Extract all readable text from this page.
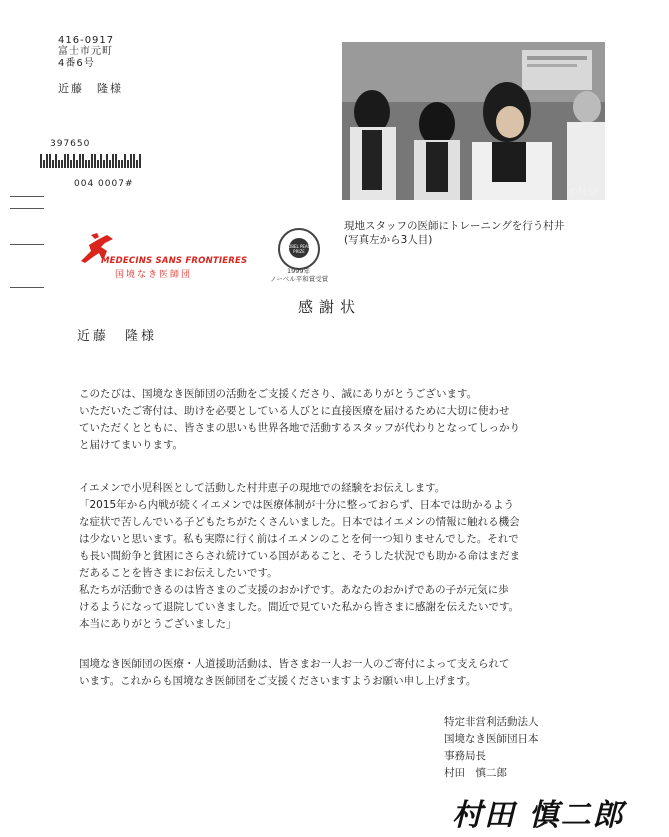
416-0917
富士市元町
4番6号
近藤　隆様
397650
004 0007#
©MSF
現地スタッフの医師にトレーニングを行う村井
(写真左から3人目)
MEDECINS SANS FRONTIERES
国境なき医師団
NOBEL PEACE PRIZE
1999年
ノーベル平和賞受賞
感謝状
近藤　隆様

このたびは、国境なき医師団の活動をご支援くださり、誠にありがとうございます。

いただいたご寄付は、助けを必要としている人びとに直接医療を届けるために大切に使わせ

ていただくとともに、皆さまの思いも世界各地で活動するスタッフが代わりとなってしっかり

と届けてまいります。

イエメンで小児科医として活動した村井恵子の現地での経験をお伝えします。

「2015年から内戦が続くイエメンでは医療体制が十分に整っておらず、日本では助かるよう

な症状で苦しんでいる子どもたちがたくさんいました。日本ではイエメンの情報に触れる機会

は少ないと思います。私も実際に行く前はイエメンのことを何一つ知りませんでした。それで

も長い間紛争と貧困にさらされ続けている国があること、そうした状況でも助かる命はまだま

だあることを皆さまにお伝えしたいです。

私たちが活動できるのは皆さまのご支援のおかげです。あなたのおかげであの子が元気に歩

けるようになって退院していきました。間近で見ていた私から皆さまに感謝を伝えたいです。

本当にありがとうございました」

国境なき医師団の医療・人道援助活動は、皆さまお一人お一人のご寄付によって支えられて

います。これからも国境なき医師団をご支援くださいますようお願い申し上げます。

特定非営利活動法人
国境なき医師団日本
事務局長
村田　慎二郎
村田 慎二郎
